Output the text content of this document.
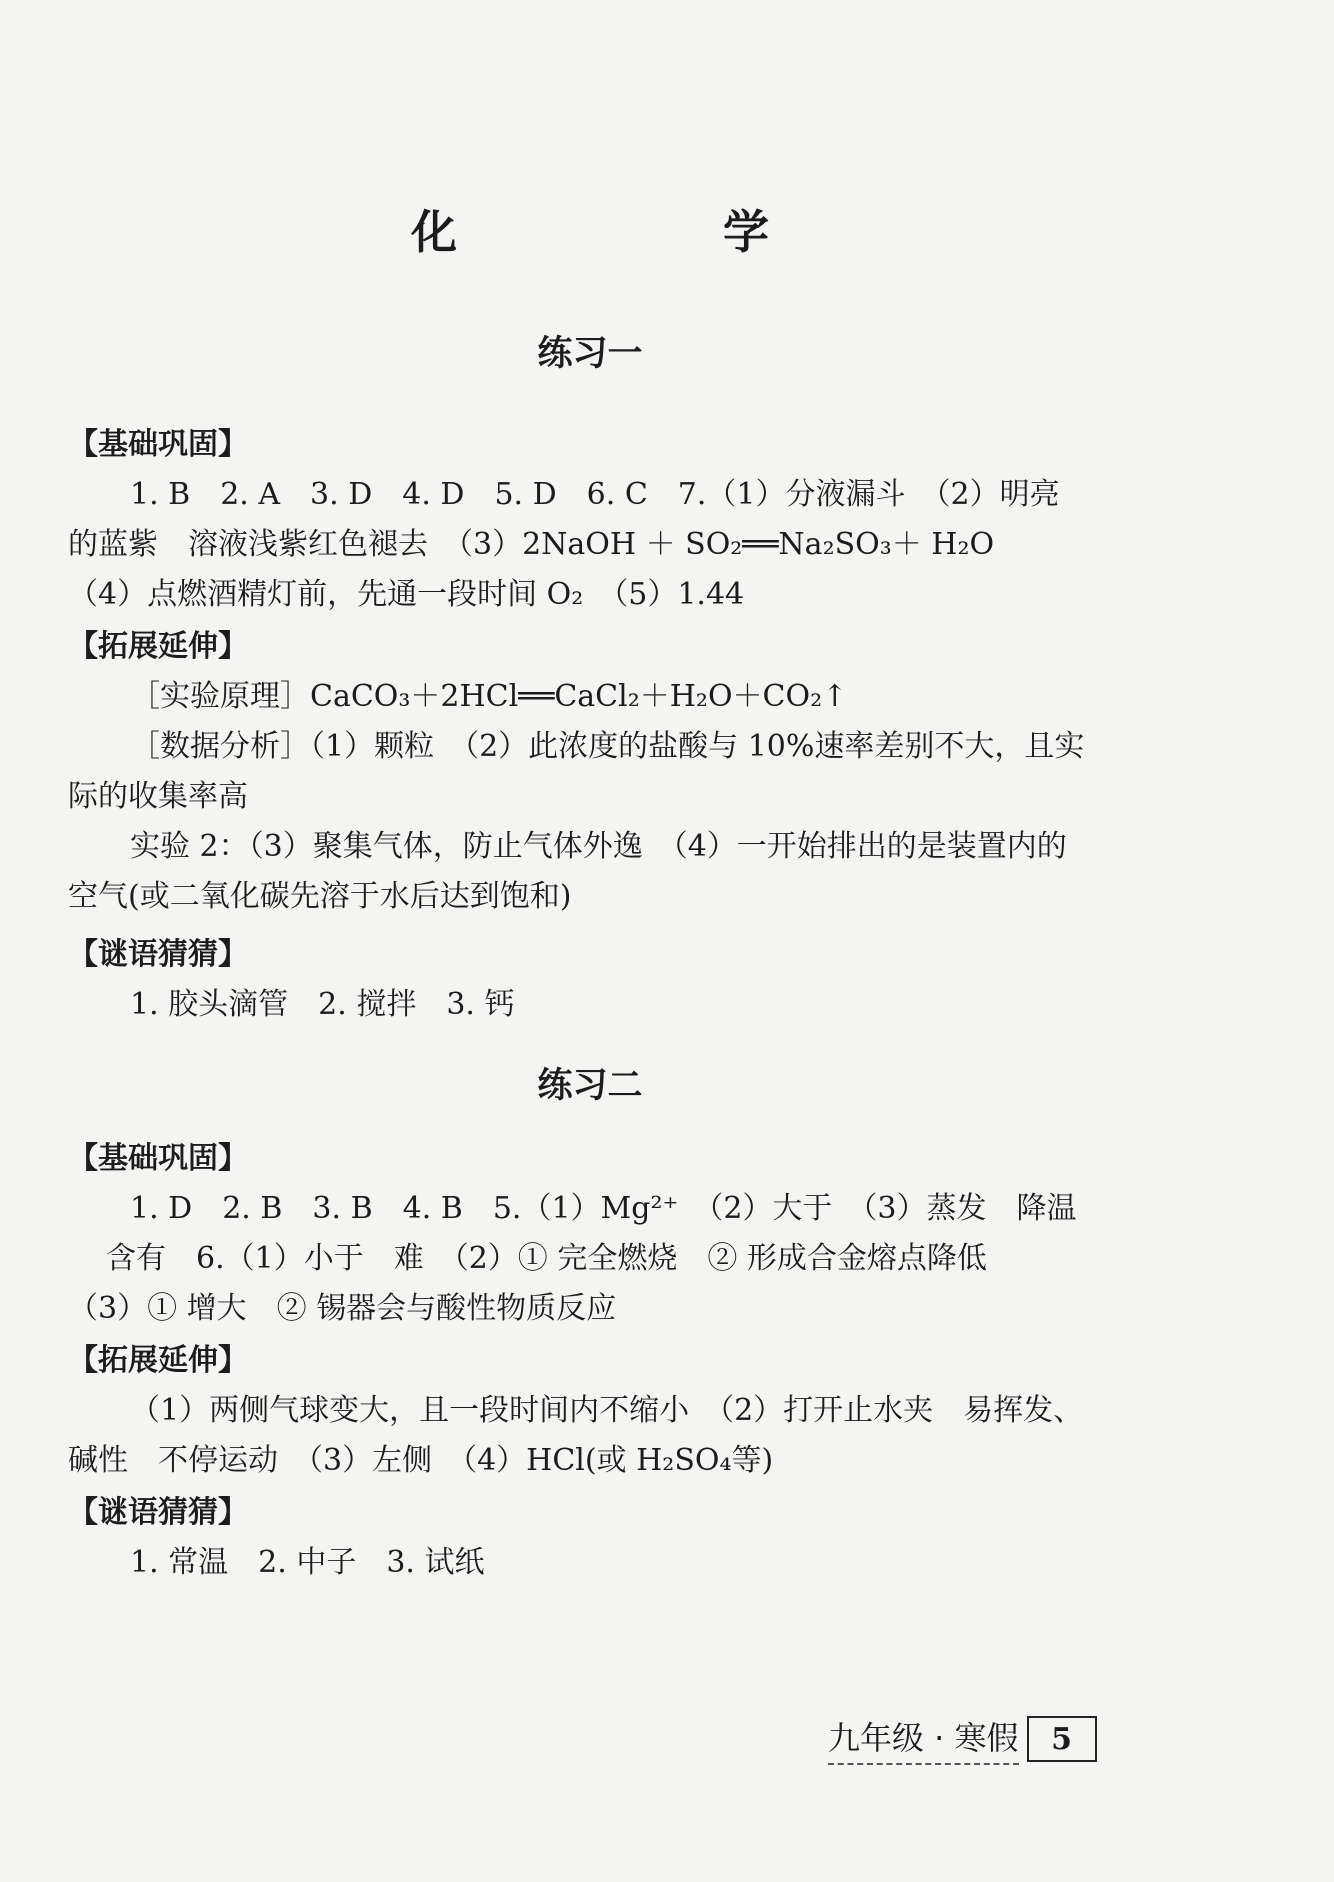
化　学
练习一
【基础巩固】
1. B　2. A　3. D　4. D　5. D　6. C　7.（1）分液漏斗　（2）明亮
的蓝紫　溶液浅紫红色褪去　（3）2NaOH ＋ SO₂══Na₂SO₃＋ H₂O
（4）点燃酒精灯前，先通一段时间 O₂　（5）1.44
【拓展延伸】
［实验原理］CaCO₃＋2HCl══CaCl₂＋H₂O＋CO₂↑
［数据分析］（1）颗粒　（2）此浓度的盐酸与 10%速率差别不大，且实
际的收集率高
实验 2：（3）聚集气体，防止气体外逸　（4）一开始排出的是装置内的
空气(或二氧化碳先溶于水后达到饱和)
【谜语猜猜】
1. 胶头滴管　2. 搅拌　3. 钙
练习二
【基础巩固】
1. D　2. B　3. B　4. B　5.（1）Mg²⁺　（2）大于　（3）蒸发　降温
含有　6.（1）小于　难　（2）① 完全燃烧　② 形成合金熔点降低
（3）① 增大　② 锡器会与酸性物质反应
【拓展延伸】
（1）两侧气球变大，且一段时间内不缩小　（2）打开止水夹　易挥发、
碱性　不停运动　（3）左侧　（4）HCl(或 H₂SO₄等)
【谜语猜猜】
1. 常温　2. 中子　3. 试纸
九年级 · 寒假	5
